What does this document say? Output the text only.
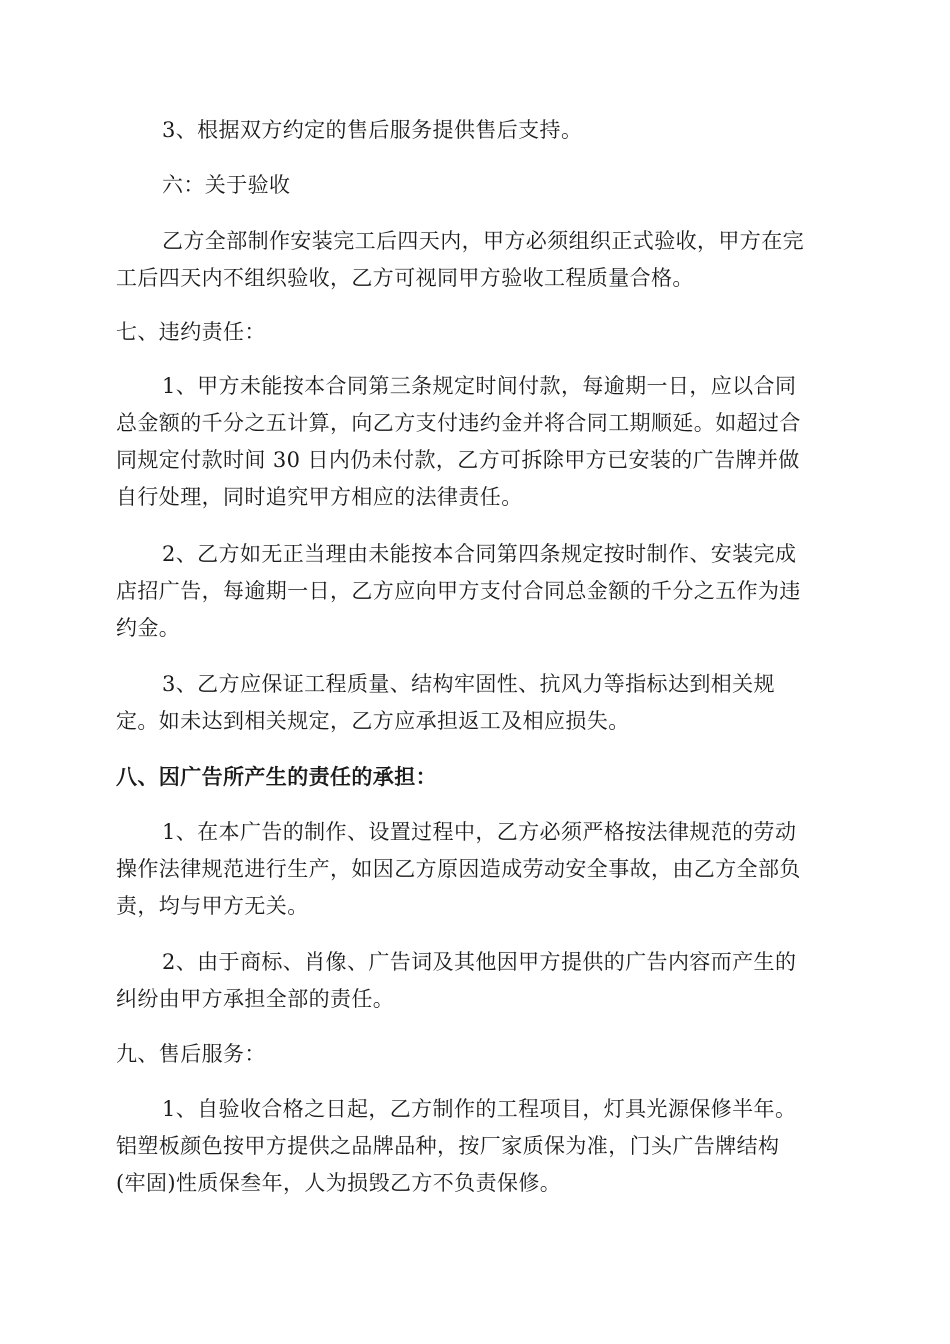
3、根据双方约定的售后服务提供售后支持。
六：关于验收
乙方全部制作安装完工后四天内，甲方必须组织正式验收，甲方在完
工后四天内不组织验收，乙方可视同甲方验收工程质量合格。
七、违约责任：
1、甲方未能按本合同第三条规定时间付款，每逾期一日，应以合同
总金额的千分之五计算，向乙方支付违约金并将合同工期顺延。如超过合
同规定付款时间 30 日内仍未付款，乙方可拆除甲方已安装的广告牌并做
自行处理，同时追究甲方相应的法律责任。
2、乙方如无正当理由未能按本合同第四条规定按时制作、安装完成
店招广告，每逾期一日，乙方应向甲方支付合同总金额的千分之五作为违
约金。
3、乙方应保证工程质量、结构牢固性、抗风力等指标达到相关规
定。如未达到相关规定，乙方应承担返工及相应损失。
八、因广告所产生的责任的承担：
1、在本广告的制作、设置过程中，乙方必须严格按法律规范的劳动
操作法律规范进行生产，如因乙方原因造成劳动安全事故，由乙方全部负
责，均与甲方无关。
2、由于商标、肖像、广告词及其他因甲方提供的广告内容而产生的
纠纷由甲方承担全部的责任。
九、售后服务：
1、自验收合格之日起，乙方制作的工程项目，灯具光源保修半年。
铝塑板颜色按甲方提供之品牌品种，按厂家质保为准，门头广告牌结构
(牢固)性质保叁年，人为损毁乙方不负责保修。
